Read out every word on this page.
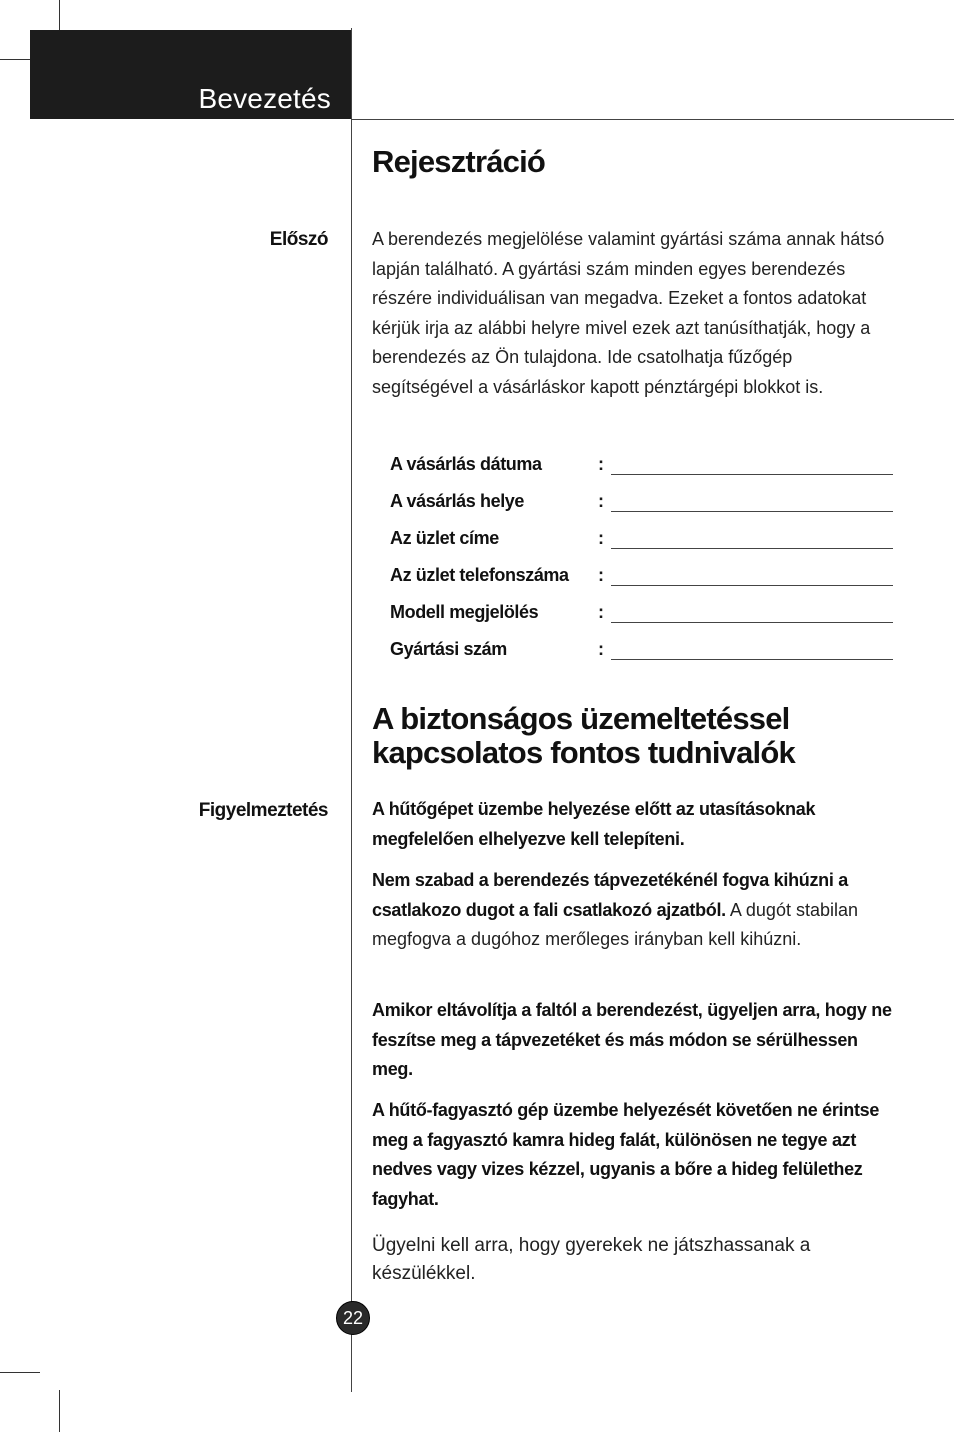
Bevezetés
Rejesztráció
Előszó A berendezés megjelölése valamint gyártási száma annak hátsó lapján található. A gyártási szám minden egyes berendezés részére individuálisan van megadva. Ezeket a fontos adatokat kérjük irja az alábbi helyre mivel ezek azt tanúsíthatják, hogy a berendezés az Ön tulajdona. Ide csatolhatja fűzőgép segítségével a vásárláskor kapott pénztárgépi blokkot is.
A vásárlás dátuma	:
A vásárlás helye	:
Az üzlet címe	:
Az üzlet telefonszáma :
Modell megjelölés	:
Gyártási szám	:
A biztonságos üzemeltetéssel
kapcsolatos fontos tudnivalók
Figyelmeztetés A hűtőgépet üzembe helyezése előtt az utasításoknak megfelelően elhelyezve kell telepíteni.
Nem szabad a berendezés tápvezetékénél fogva kihúzni a csatlakozo dugot a fali csatlakozó ajzatból. A dugót stabilan megfogva a dugóhoz merőleges irányban kell kihúzni.
Amikor eltávolítja a faltól a berendezést, ügyeljen arra, hogy ne feszítse meg a tápvezetéket és más módon se sérülhessen meg.
A hűtő-fagyasztó gép üzembe helyezését követően ne érintse meg a fagyasztó kamra hideg falát, különösen ne tegye azt nedves vagy vizes kézzel, ugyanis a bőre a hideg felülethez fagyhat.
Ügyelni kell arra, hogy gyerekek ne játszhassanak a készülékkel.
22
